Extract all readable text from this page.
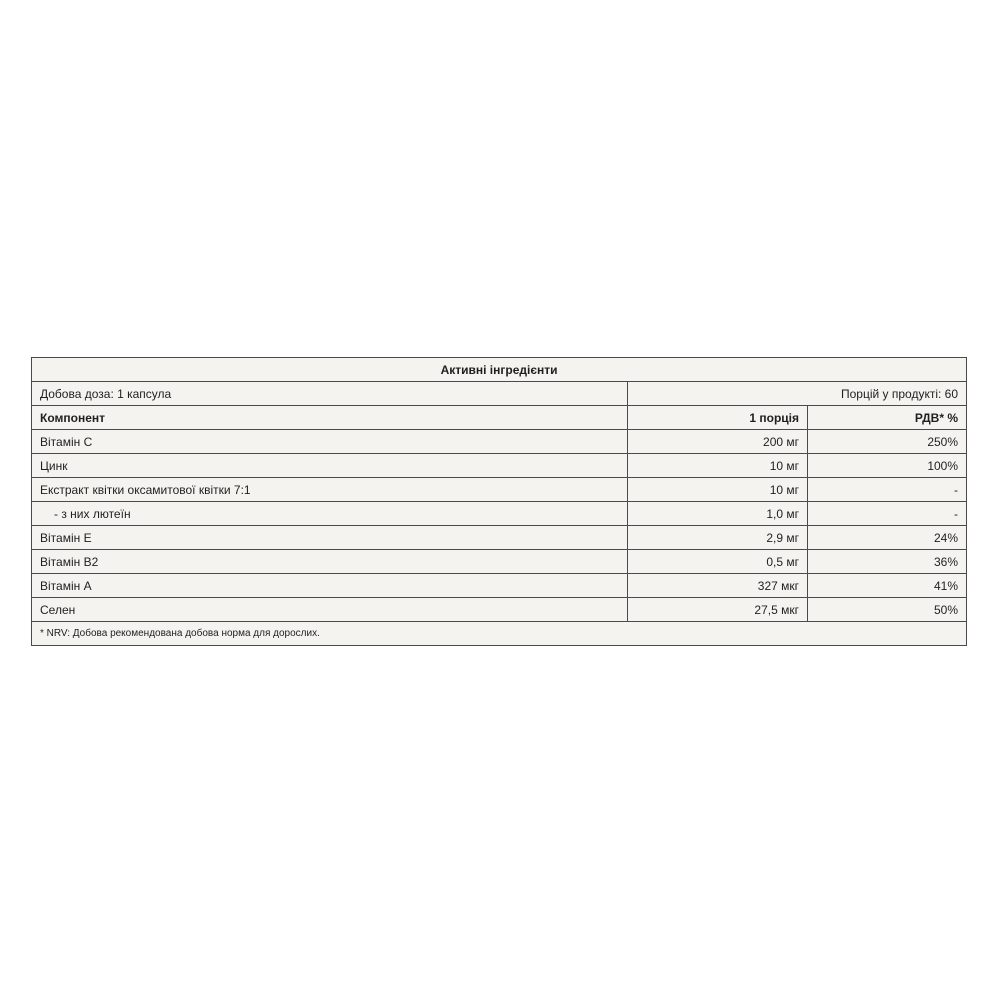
Активні інгредієнти		
Добова доза: 1 капсула	Порцій у продукті: 60	
Компонент	1 порція	РДВ* %
Вітамін C	200 мг	250%
Цинк	10 мг	100%
Екстракт квітки оксамитової квітки 7:1	10 мг	-
- з них лютеїн	1,0 мг	-
Вітамін E	2,9 мг	24%
Вітамін B2	0,5 мг	36%
Вітамін A	327 мкг	41%
Селен	27,5 мкг	50%
* NRV: Добова рекомендована добова норма для дорослих.		
